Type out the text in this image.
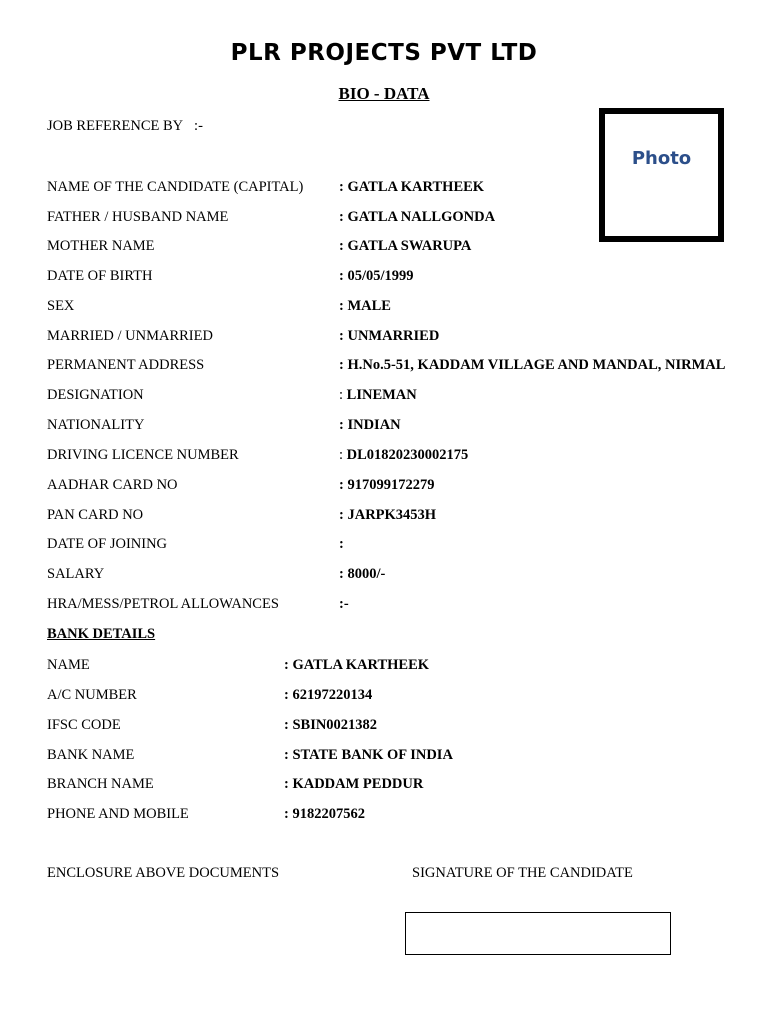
PLR PROJECTS PVT LTD
BIO - DATA
JOB REFERENCE BY :-
Photo
NAME OF THE CANDIDATE (CAPITAL) : GATLA KARTHEEK
FATHER / HUSBAND NAME	: GATLA NALLGONDA
MOTHER NAME	: GATLA SWARUPA
DATE OF BIRTH	: 05/05/1999
SEX	: MALE
MARRIED / UNMARRIED	: UNMARRIED
PERMANENT ADDRESS	: H.No.5-51, KADDAM VILLAGE AND MANDAL, NIRMAL
DESIGNATION	: LINEMAN
NATIONALITY	: INDIAN
DRIVING LICENCE NUMBER	: DL01820230002175
AADHAR CARD NO	: 917099172279
PAN CARD NO	: JARPK3453H
DATE OF JOINING	:
SALARY	: 8000/-
HRA/MESS/PETROL ALLOWANCES	:-
BANK DETAILS
NAME	: GATLA KARTHEEK
A/C NUMBER	: 62197220134
IFSC CODE	: SBIN0021382
BANK NAME	: STATE BANK OF INDIA
BRANCH NAME	: KADDAM PEDDUR
PHONE AND MOBILE	: 9182207562
ENCLOSURE ABOVE DOCUMENTS	SIGNATURE OF THE CANDIDATE
